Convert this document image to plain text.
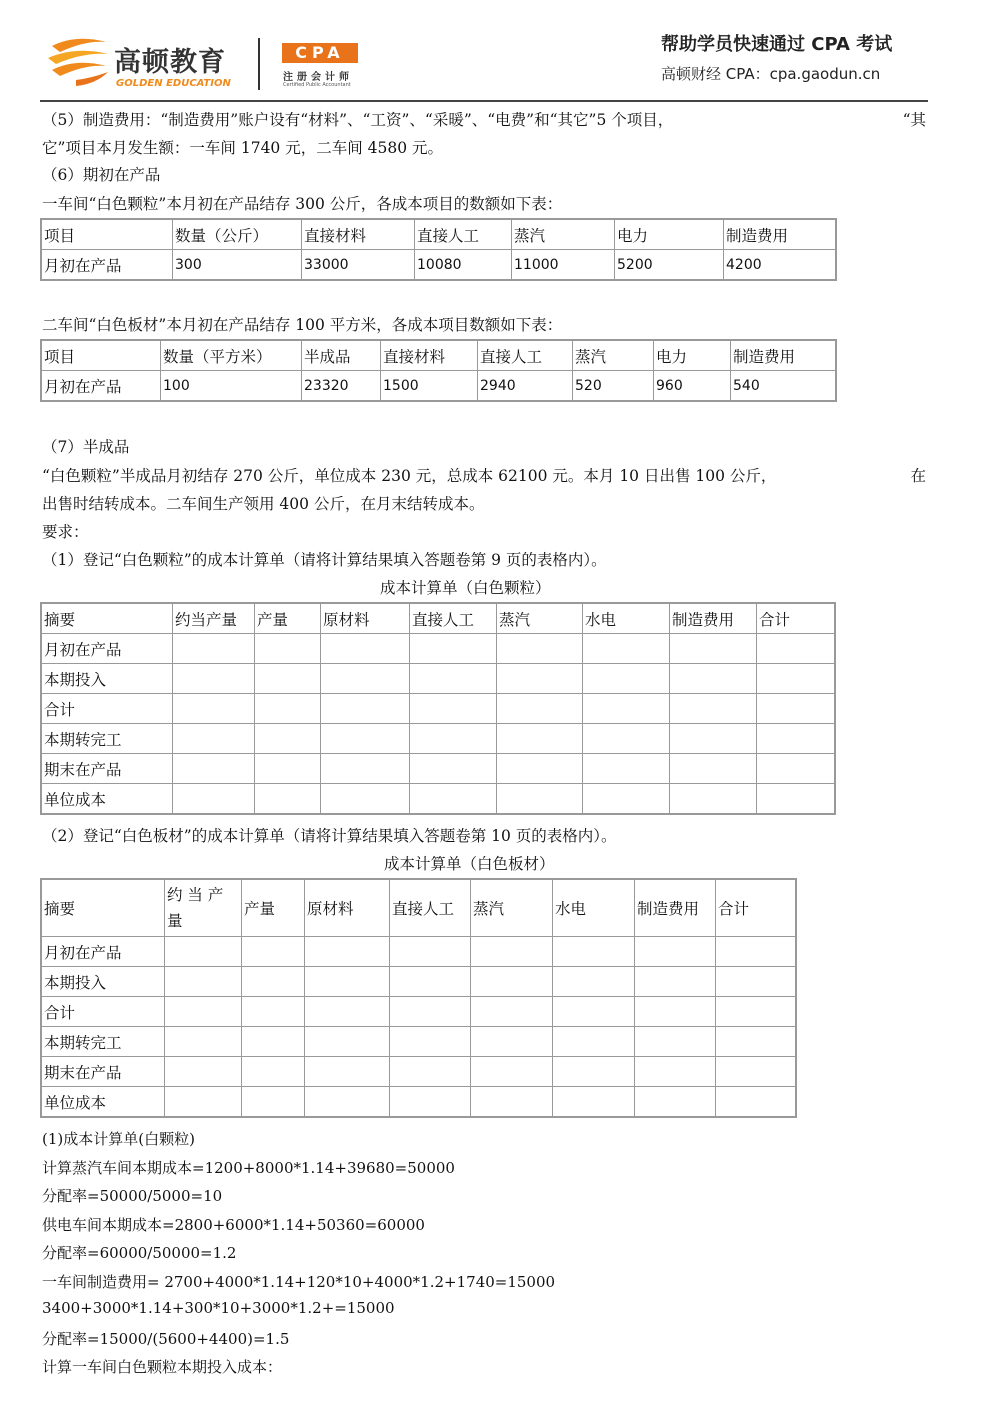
高顿教育
GOLDEN EDUCATION
CPA
注册会计师
Certified Public Accountant
帮助学员快速通过 CPA 考试
高顿财经 CPA：cpa.gaodun.cn
（5）制造费用：“制造费用”账户设有“材料”、“工资”、“采暖”、“电费”和“其它”5 个项目，	“其
它”项目本月发生额：一车间 1740 元，二车间 4580 元。
（6）期初在产品
一车间“白色颗粒”本月初在产品结存 300 公斤，各成本项目的数额如下表：
项目	数量（公斤）	直接材料	直接人工	蒸汽	电力	制造费用
月初在产品	300	33000	10080	11000	5200	4200
二车间“白色板材”本月初在产品结存 100 平方米，各成本项目数额如下表：
项目	数量（平方米）	半成品	直接材料	直接人工	蒸汽	电力	制造费用
月初在产品	100	23320	1500	2940	520	960	540
（7）半成品
“白色颗粒”半成品月初结存 270 公斤，单位成本 230 元，总成本 62100 元。本月 10 日出售 100 公斤，	在
出售时结转成本。二车间生产领用 400 公斤，在月末结转成本。
要求：
（1）登记“白色颗粒”的成本计算单（请将计算结果填入答题卷第 9 页的表格内）。
成本计算单（白色颗粒）
摘要	约当产量	产量	原材料	直接人工	蒸汽	水电	制造费用	合计
月初在产品								
本期投入								
合计								
本期转完工								
期末在产品								
单位成本								
（2）登记“白色板材”的成本计算单（请将计算结果填入答题卷第 10 页的表格内）。
成本计算单（白色板材）
摘要	约 当 产 量	产量	原材料	直接人工	蒸汽	水电	制造费用	合计
月初在产品								
本期投入								
合计								
本期转完工								
期末在产品								
单位成本								
(1)成本计算单(白颗粒)
计算蒸汽车间本期成本=1200+8000*1.14+39680=50000
分配率=50000/5000=10
供电车间本期成本=2800+6000*1.14+50360=60000
分配率=60000/50000=1.2
一车间制造费用= 2700+4000*1.14+120*10+4000*1.2+1740=15000
3400+3000*1.14+300*10+3000*1.2+=15000
分配率=15000/(5600+4400)=1.5
计算一车间白色颗粒本期投入成本：
